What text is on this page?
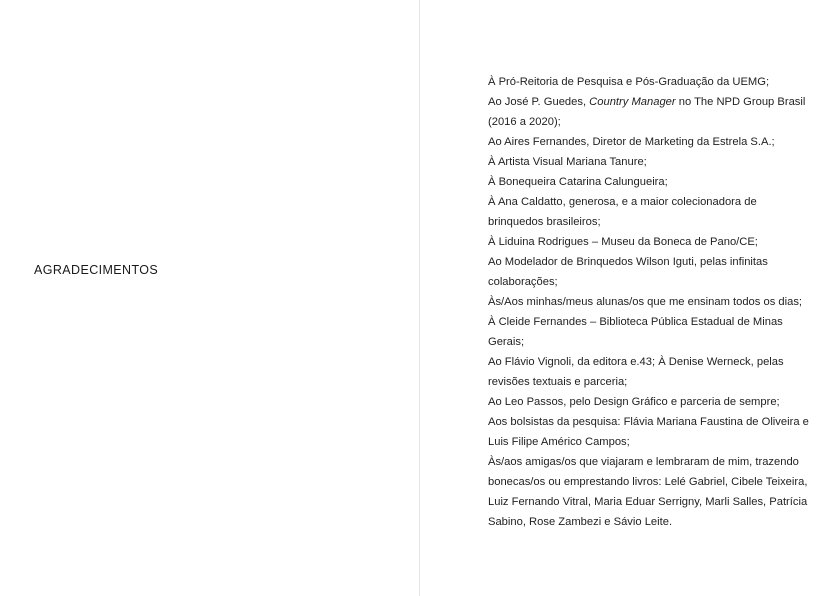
AGRADECIMENTOS
À Pró-Reitoria de Pesquisa e Pós-Graduação da UEMG;
Ao José P. Guedes, Country Manager no The NPD Group Brasil (2016 a 2020);
Ao Aires Fernandes, Diretor de Marketing da Estrela S.A.;
À Artista Visual Mariana Tanure;
À Bonequeira Catarina Calungueira;
À Ana Caldatto, generosa, e a maior colecionadora de brinquedos brasileiros;
À Liduina Rodrigues – Museu da Boneca de Pano/CE;
Ao Modelador de Brinquedos Wilson Iguti, pelas infinitas colaborações;
Às/Aos minhas/meus alunas/os que me ensinam todos os dias;
À Cleide Fernandes – Biblioteca Pública Estadual de Minas Gerais;
Ao Flávio Vignoli, da editora e.43; À Denise Werneck, pelas revisões textuais e parceria;
Ao Leo Passos, pelo Design Gráfico e parceria de sempre;
Aos bolsistas da pesquisa: Flávia Mariana Faustina de Oliveira e Luis Filipe Américo Campos;
Às/aos amigas/os que viajaram e lembraram de mim, trazendo bonecas/os ou emprestando livros: Lelé Gabriel, Cibele Teixeira, Luiz Fernando Vitral, Maria Eduar Serrigny, Marli Salles, Patrícia Sabino, Rose Zambezi e Sávio Leite.
